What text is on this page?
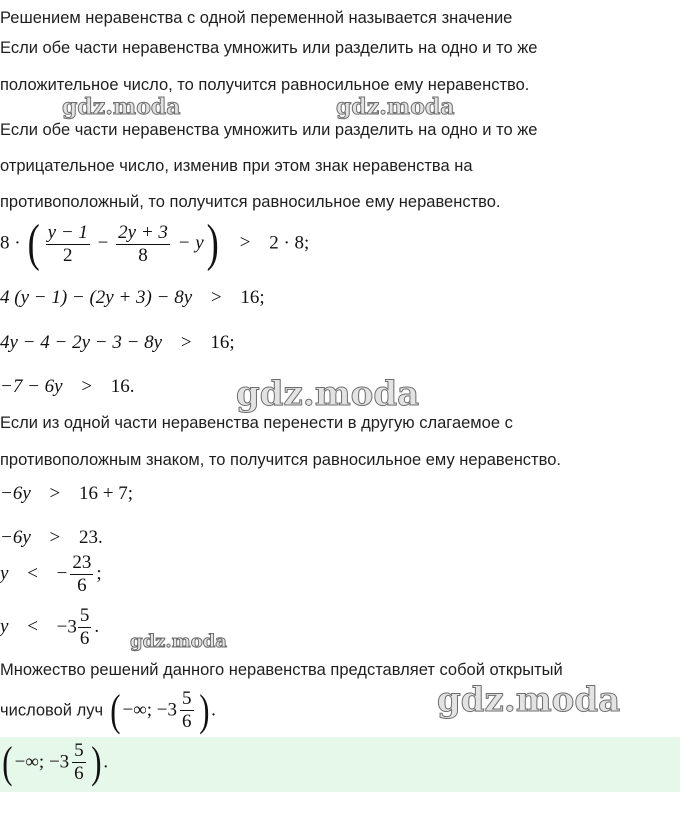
Решением неравенства с одной переменной называется значение
Если обе части неравенства умножить или разделить на одно и то же
положительное число, то получится равносильное ему неравенство.
Если обе части неравенства умножить или разделить на одно и то же
отрицательное число, изменив при этом знак неравенства на
противоположный, то получится равносильное ему неравенство.
8 · ( $\frac{y - 1}{2} - \frac{2y + 3}{8} - y) > 2 \cdot 8$;
4 (y − 1) − (2y + 3) − 8y > 16;
4y − 4 − 2y − 3 − 8y > 16;
−7 − 6y > 16.
Если из одной части неравенства перенести в другую слагаемое с
противоположным знаком, то получится равносильное ему неравенство.
−6y > 16 + 7;
−6y > 23.
y < − $\frac{23}{6}$ ;
$y < -3 \frac{5}{6}$ .
Множество решений данного неравенства представляет собой открытый
числовой луч ( −∞; $-3 \frac{5}{6}$ ) .
( −∞; $-3 \frac{5}{6}$ ) .
gdz.moda	gdz.moda
gdz.moda
gdz.moda
gdz.moda
